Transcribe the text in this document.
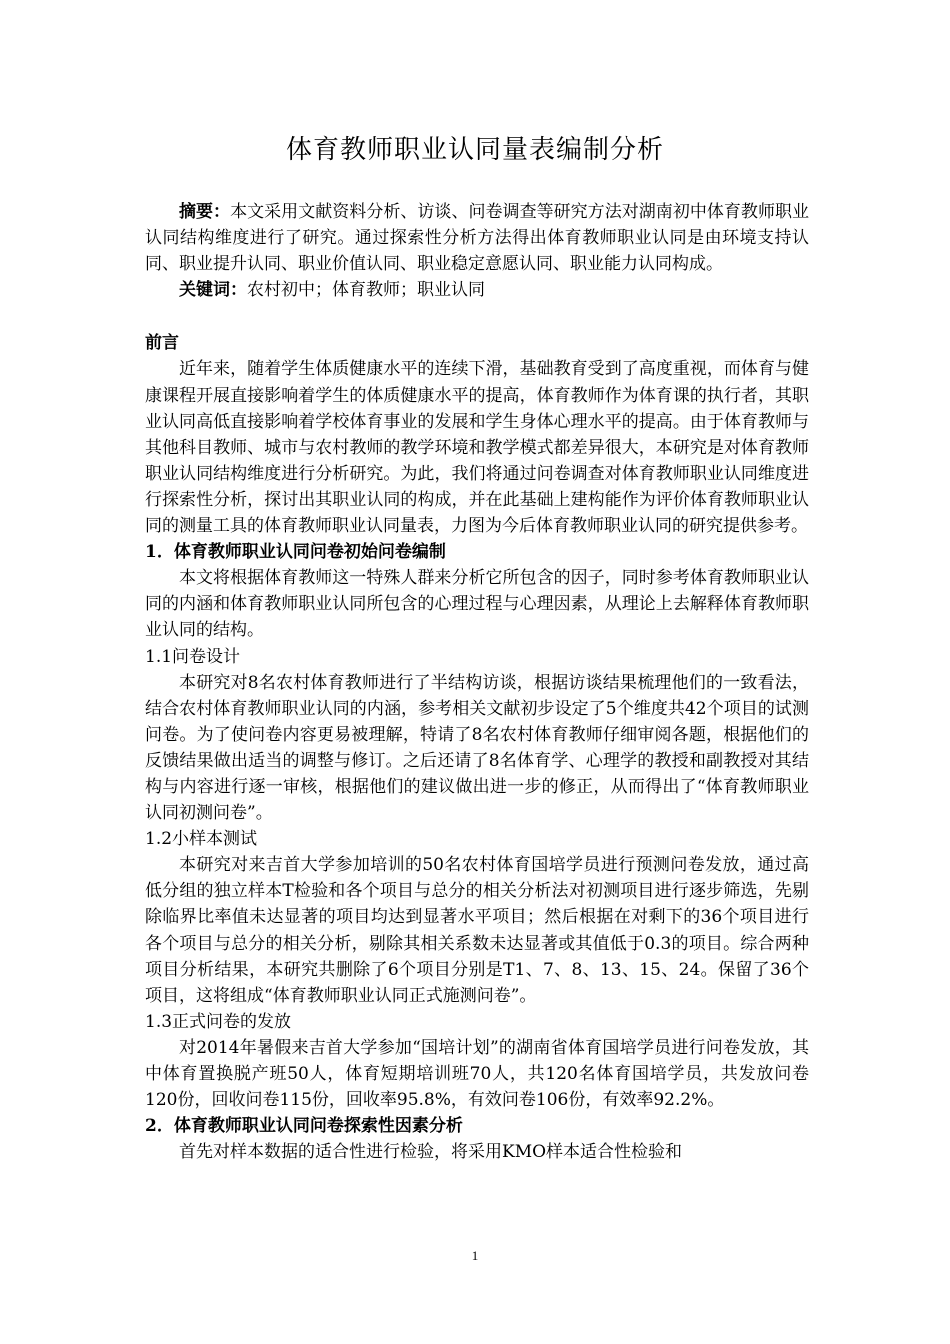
体育教师职业认同量表编制分析

摘要：本文采用文献资料分析、访谈、问卷调查等研究方法对湖南初中体育教师职业认同结构维度进行了研究。通过探索性分析方法得出体育教师职业认同是由环境支持认同、职业提升认同、职业价值认同、职业稳定意愿认同、职业能力认同构成。

关键词：农村初中；体育教师；职业认同

前言

近年来，随着学生体质健康水平的连续下滑，基础教育受到了高度重视，而体育与健康课程开展直接影响着学生的体质健康水平的提高，体育教师作为体育课的执行者，其职业认同高低直接影响着学校体育事业的发展和学生身体心理水平的提高。由于体育教师与其他科目教师、城市与农村教师的教学环境和教学模式都差异很大，本研究是对体育教师职业认同结构维度进行分析研究。为此，我们将通过问卷调查对体育教师职业认同维度进行探索性分析，探讨出其职业认同的构成，并在此基础上建构能作为评价体育教师职业认同的测量工具的体育教师职业认同量表，力图为今后体育教师职业认同的研究提供参考。

1．体育教师职业认同问卷初始问卷编制

本文将根据体育教师这一特殊人群来分析它所包含的因子，同时参考体育教师职业认同的内涵和体育教师职业认同所包含的心理过程与心理因素，从理论上去解释体育教师职业认同的结构。

1.1问卷设计

本研究对8名农村体育教师进行了半结构访谈，根据访谈结果梳理他们的一致看法，结合农村体育教师职业认同的内涵，参考相关文献初步设定了5个维度共42个项目的试测问卷。为了使问卷内容更易被理解，特请了8名农村体育教师仔细审阅各题，根据他们的反馈结果做出适当的调整与修订。之后还请了8名体育学、心理学的教授和副教授对其结构与内容进行逐一审核，根据他们的建议做出进一步的修正，从而得出了“体育教师职业认同初测问卷”。

1.2小样本测试

本研究对来吉首大学参加培训的50名农村体育国培学员进行预测问卷发放，通过高低分组的独立样本T检验和各个项目与总分的相关分析法对初测项目进行逐步筛选，先剔除临界比率值未达显著的项目均达到显著水平项目；然后根据在对剩下的36个项目进行各个项目与总分的相关分析，剔除其相关系数未达显著或其值低于0.3的项目。综合两种项目分析结果，本研究共删除了6个项目分别是T1、7、8、13、15、24。保留了36个项目，这将组成“体育教师职业认同正式施测问卷”。

1.3正式问卷的发放

对2014年暑假来吉首大学参加“国培计划”的湖南省体育国培学员进行问卷发放，其中体育置换脱产班50人，体育短期培训班70人，共120名体育国培学员，共发放问卷120份，回收问卷115份，回收率95.8%，有效问卷106份，有效率92.2%。

2．体育教师职业认同问卷探索性因素分析

首先对样本数据的适合性进行检验，将采用KMO样本适合性检验和

1
